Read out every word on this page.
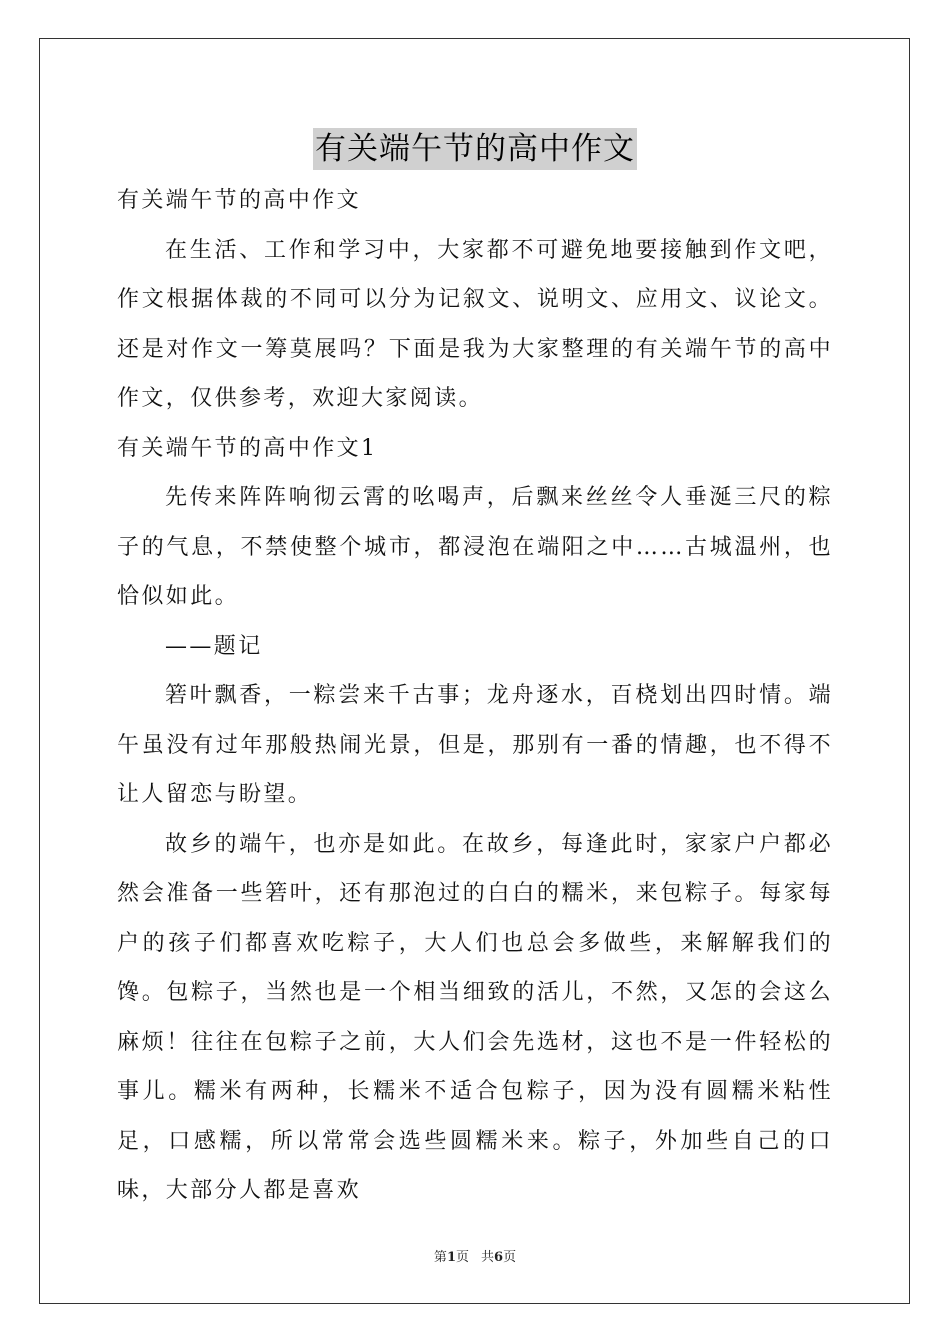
有关端午节的高中作文

有关端午节的高中作文

在生活、工作和学习中，大家都不可避免地要接触到作文吧，作文根据体裁的不同可以分为记叙文、说明文、应用文、议论文。还是对作文一筹莫展吗？下面是我为大家整理的有关端午节的高中作文，仅供参考，欢迎大家阅读。

有关端午节的高中作文1

先传来阵阵响彻云霄的吆喝声，后飘来丝丝令人垂涎三尺的粽子的气息，不禁使整个城市，都浸泡在端阳之中……古城温州，也恰似如此。

——题记

箬叶飘香，一粽尝来千古事；龙舟逐水，百桡划出四时情。端午虽没有过年那般热闹光景，但是，那别有一番的情趣，也不得不让人留恋与盼望。

故乡的端午，也亦是如此。在故乡，每逢此时，家家户户都必然会准备一些箬叶，还有那泡过的白白的糯米，来包粽子。每家每户的孩子们都喜欢吃粽子，大人们也总会多做些，来解解我们的馋。包粽子，当然也是一个相当细致的活儿，不然，又怎的会这么麻烦！往往在包粽子之前，大人们会先选材，这也不是一件轻松的事儿。糯米有两种，长糯米不适合包粽子，因为没有圆糯米粘性足，口感糯，所以常常会选些圆糯米来。粽子，外加些自己的口味，大部分人都是喜欢

第1页 共6页
